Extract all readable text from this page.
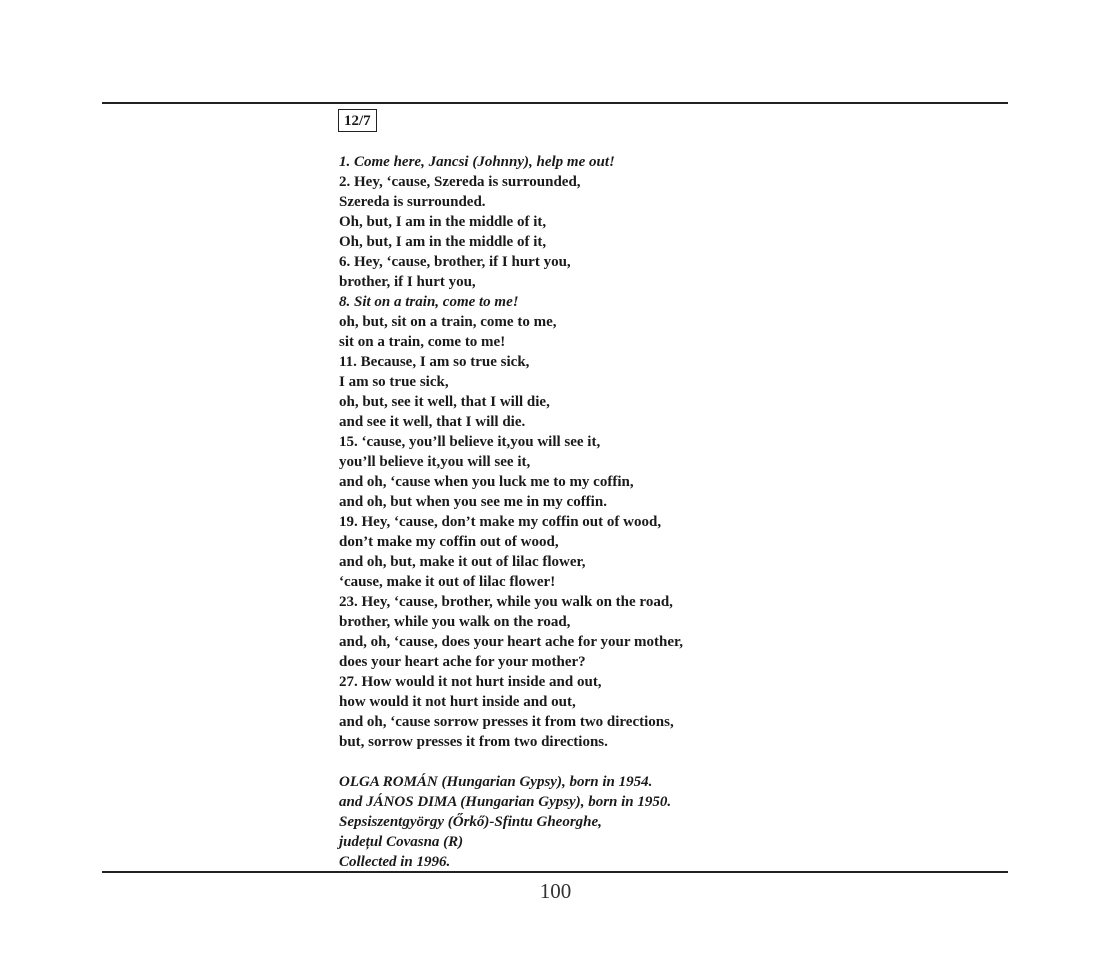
12/7
1. Come here, Jancsi (Johnny), help me out!
2. Hey, ‘cause, Szereda is surrounded,
Szereda is surrounded.
Oh, but, I am in the middle of it,
Oh, but, I am in the middle of it,
6. Hey, ‘cause, brother, if I hurt you,
brother, if I hurt you,
8. Sit on a train, come to me!
oh, but, sit on a train, come to me,
sit on a train, come to me!
11. Because, I am so true sick,
I am so true sick,
oh, but, see it well, that I will die,
and see it well, that I will die.
15. ‘cause, you’ll believe it,you will see it,
you’ll believe it,you will see it,
and oh, ‘cause when you luck me to my coffin,
and oh, but when you see me in my coffin.
19. Hey, ‘cause, don’t make my coffin out of wood,
don’t make my coffin out of wood,
and oh, but, make it out of lilac flower,
‘cause, make it out of lilac flower!
23. Hey, ‘cause, brother, while you walk on the road,
brother, while you walk on the road,
and, oh, ‘cause, does your heart ache for your mother,
does your heart ache for your mother?
27. How would it not hurt inside and out,
how would it not hurt inside and out,
and oh, ‘cause sorrow presses it from two directions,
but, sorrow presses it from two directions.
OLGA ROMÁN (Hungarian Gypsy), born in 1954.
and JÁNOS DIMA (Hungarian Gypsy), born in 1950.
Sepsiszentgyörgy (Őrkő)-Sfintu Gheorghe,
județul Covasna (R)
Collected in 1996.
100
